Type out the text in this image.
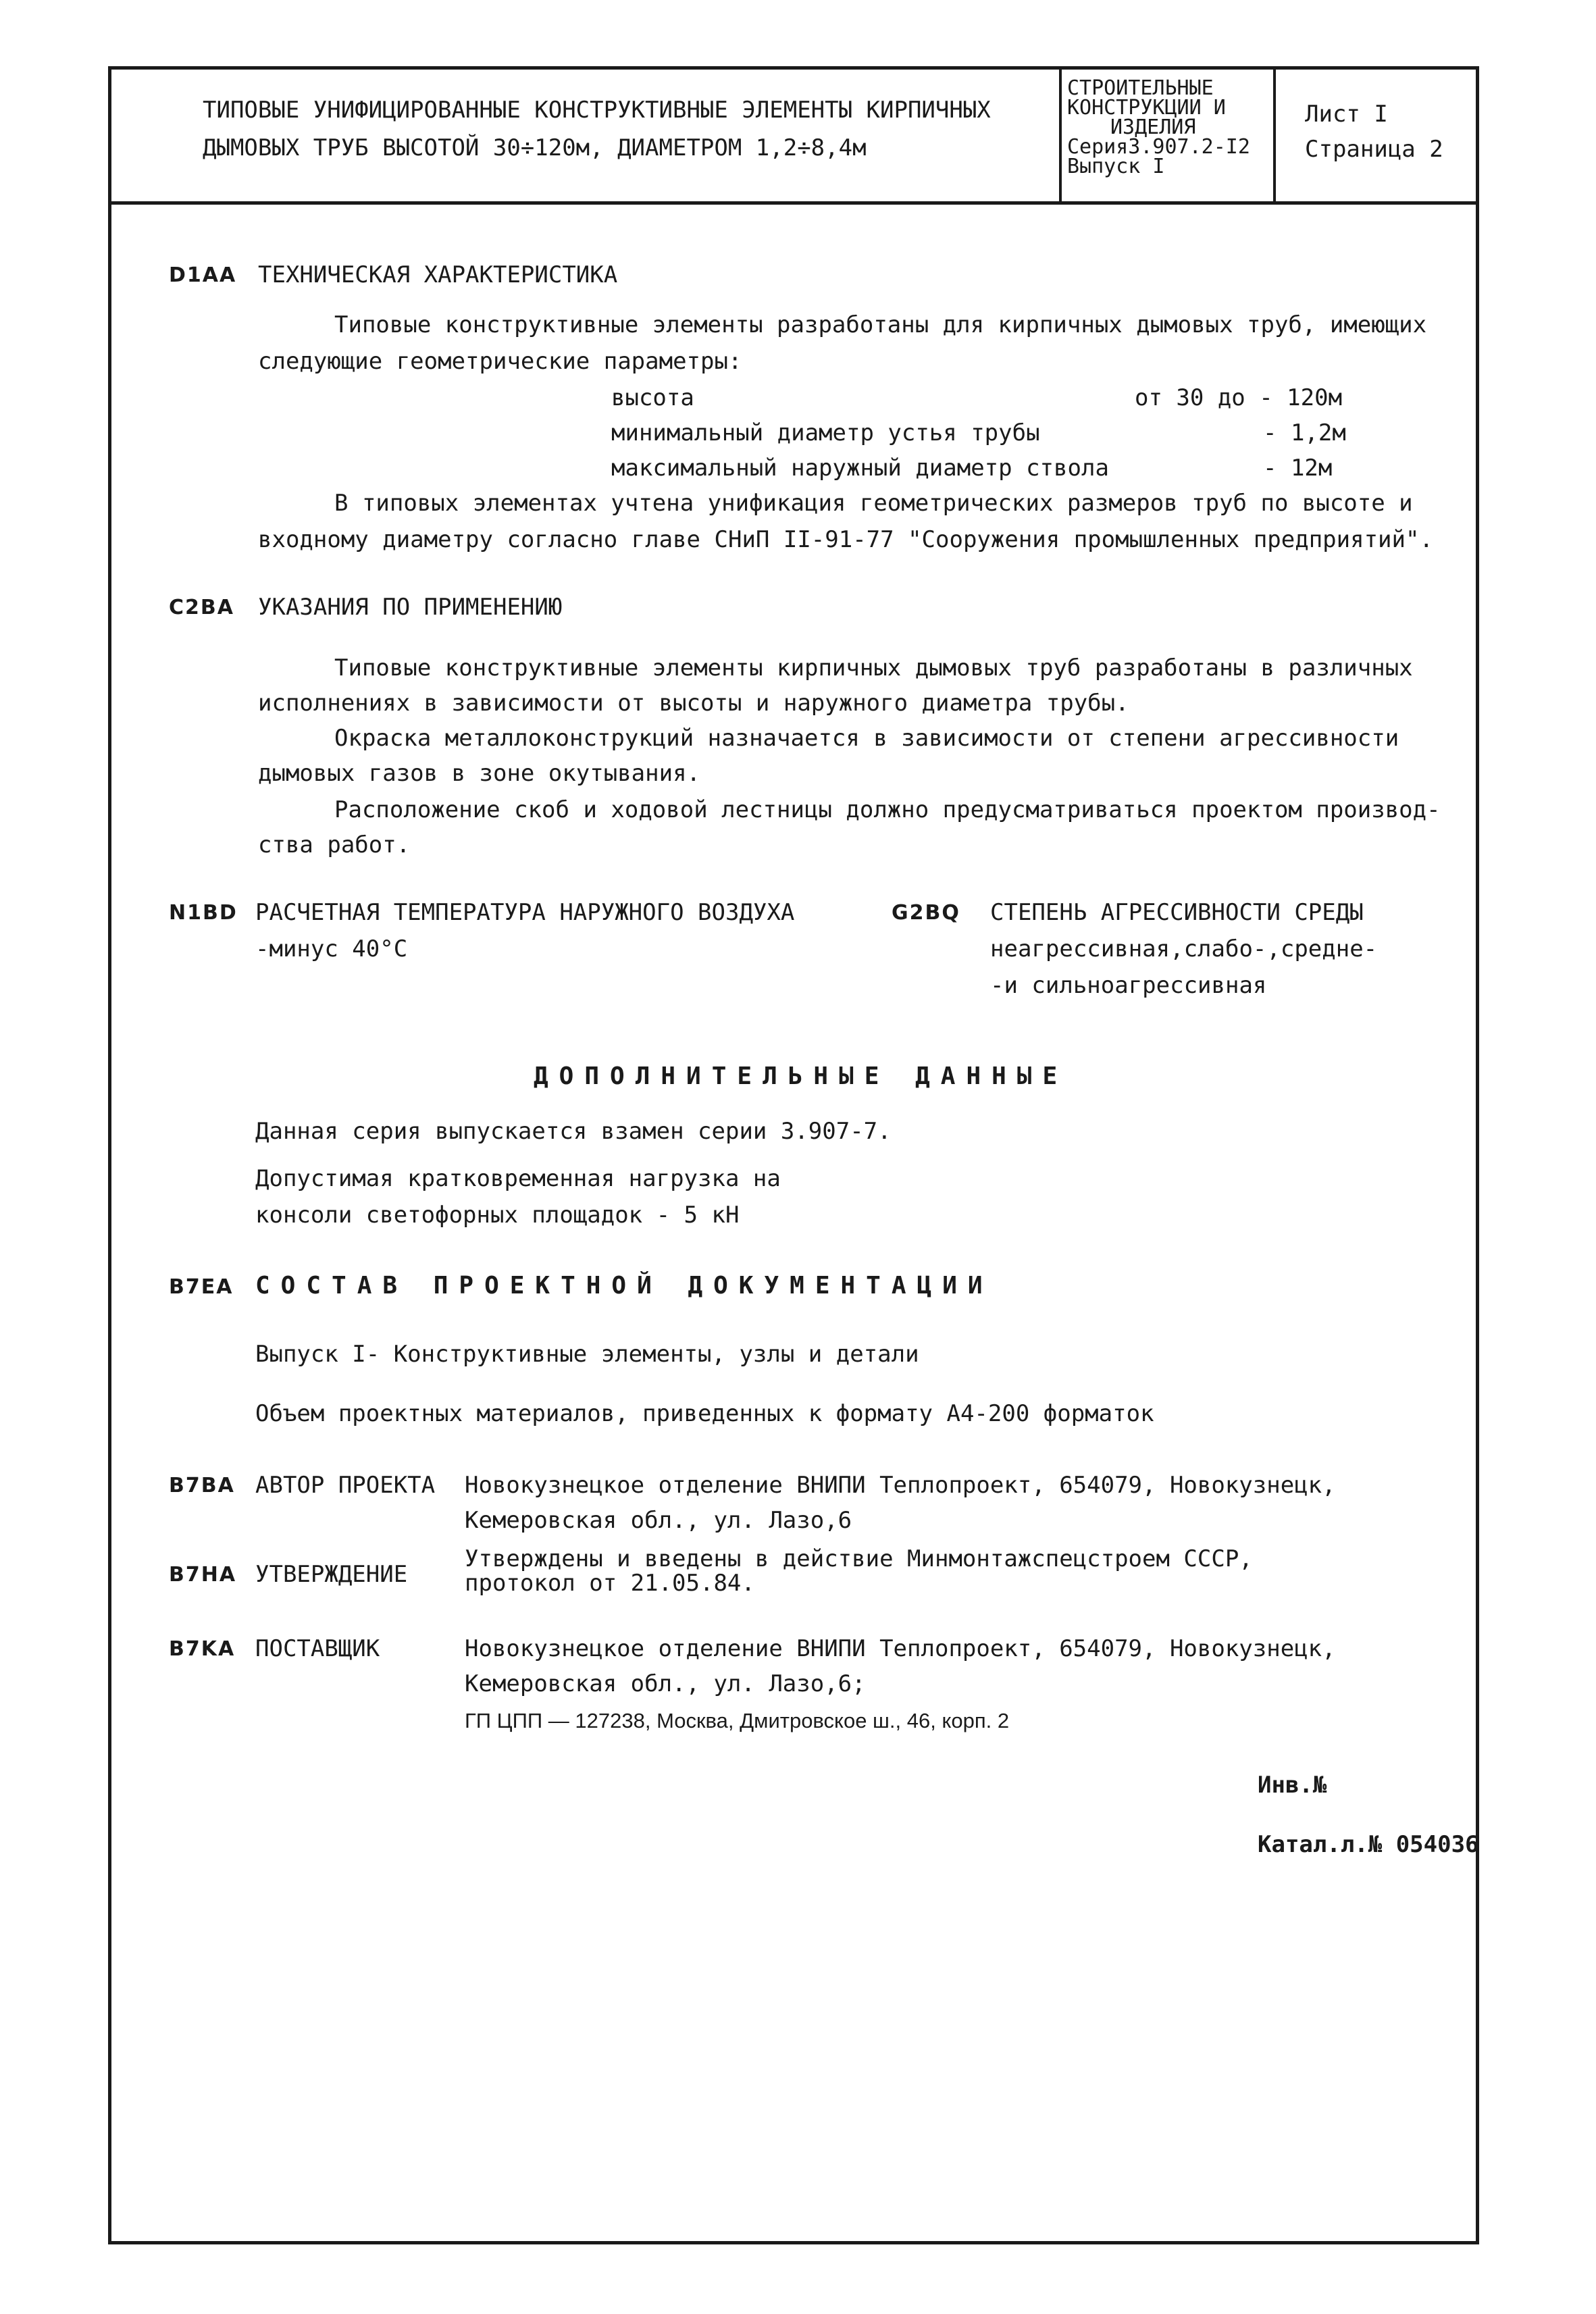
ТИПОВЫЕ УНИФИЦИРОВАННЫЕ КОНСТРУКТИВНЫЕ ЭЛЕМЕНТЫ КИРПИЧНЫХ
ДЫМОВЫХ ТРУБ ВЫСОТОЙ 30÷120м, ДИАМЕТРОМ 1,2÷8,4м
СТРОИТЕЛЬНЫЕ
КОНСТРУКЦИИ И
ИЗДЕЛИЯ
Серия3.907.2-I2
Выпуск I
Лист I
Страница 2
D1AA ТЕХНИЧЕСКАЯ ХАРАКТЕРИСТИКА
Типовые конструктивные элементы разработаны для кирпичных дымовых труб, имеющих
следующие геометрические параметры:
высота	от 30 до - 120м
минимальный диаметр устья трубы	- 1,2м
максимальный наружный диаметр ствола	- 12м
В типовых элементах учтена унификация геометрических размеров труб по высоте и
входному диаметру согласно главе СНиП II-91-77 "Сооружения промышленных предприятий".
C2BA УКАЗАНИЯ ПО ПРИМЕНЕНИЮ
Типовые конструктивные элементы кирпичных дымовых труб разработаны в различных
исполнениях в зависимости от высоты и наружного диаметра трубы.
Окраска металлоконструкций назначается в зависимости от степени агрессивности
дымовых газов в зоне окутывания.
Расположение скоб и ходовой лестницы должно предусматриваться проектом производ-
ства работ.
N1BD РАСЧЕТНАЯ ТЕМПЕРАТУРА НАРУЖНОГО ВОЗДУХА
-минус 40°С
G2BQ СТЕПЕНЬ АГРЕССИВНОСТИ СРЕДЫ
неагрессивная,слабо-,средне-
-и сильноагрессивная
ДОПОЛНИТЕЛЬНЫЕ ДАННЫЕ
Данная серия выпускается взамен серии 3.907-7.
Допустимая кратковременная нагрузка на
консоли светофорных площадок - 5 кН
B7EA СОСТАВ ПРОЕКТНОЙ ДОКУМЕНТАЦИИ
Выпуск I- Конструктивные элементы, узлы и детали
Объем проектных материалов, приведенных к формату А4-200 форматок
B7BA АВТОР ПРОЕКТА Новокузнецкое отделение ВНИПИ Теплопроект, 654079, Новокузнецк,
Кемеровская обл., ул. Лазо,6
B7HA УТВЕРЖДЕНИЕ
Утверждены и введены в действие Минмонтажспецстроем СССР,
протокол от 21.05.84.
B7KA ПОСТАВЩИК	Новокузнецкое отделение ВНИПИ Теплопроект, 654079, Новокузнецк,
Кемеровская обл., ул. Лазо,6;
ГП ЦПП — 127238, Москва, Дмитровское ш., 46, корп. 2
Инв.№
Катал.л.№ 054036
